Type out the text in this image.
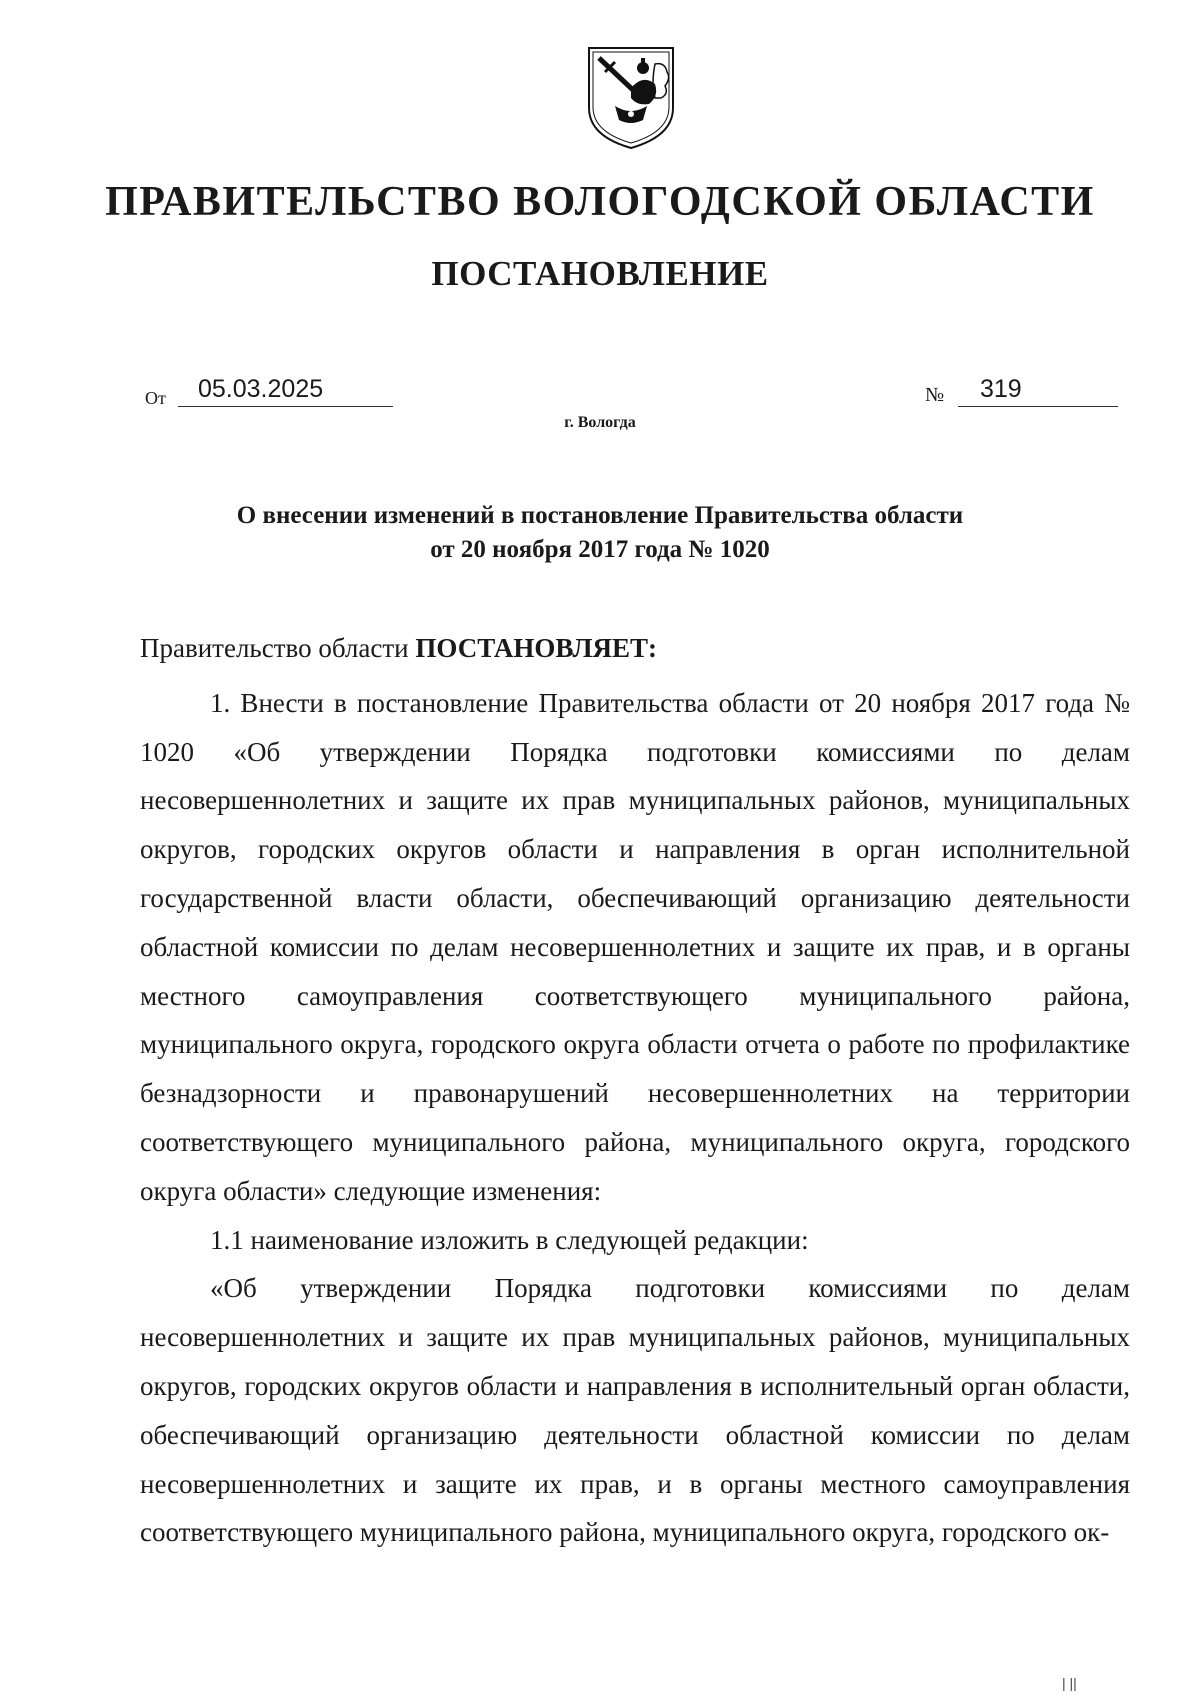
ПРАВИТЕЛЬСТВО ВОЛОГОДСКОЙ ОБЛАСТИ
ПОСТАНОВЛЕНИЕ
От	05.03.2025	№	319
г. Вологда
О внесении изменений в постановление Правительства области
от 20 ноября 2017 года № 1020

Правительство области ПОСТАНОВЛЯЕТ:

1. Внести в постановление Правительства области от 20 ноября 2017 года № 1020 «Об утверждении Порядка подготовки комиссиями по делам несовершеннолетних и защите их прав муниципальных районов, муниципальных округов, городских округов области и направления в орган исполнительной государственной власти области, обеспечивающий организацию деятельности областной комиссии по делам несовершеннолетних и защите их прав, и в органы местного самоуправления соответствующего муниципального района, муниципального округа, городского округа области отчета о работе по профилактике безнадзорности и правонарушений несовершеннолетних на территории соответствующего муниципального района, муниципального округа, городского округа области» следующие изменения:

1.1 наименование изложить в следующей редакции:

«Об утверждении Порядка подготовки комиссиями по делам несовершеннолетних и защите их прав муниципальных районов, муниципальных округов, городских округов области и направления в исполнительный орган области, обеспечивающий организацию деятельности областной комиссии по делам несовершеннолетних и защите их прав, и в органы местного самоуправления соответствующего муниципального района, муниципального округа, городского ок-

| ||
